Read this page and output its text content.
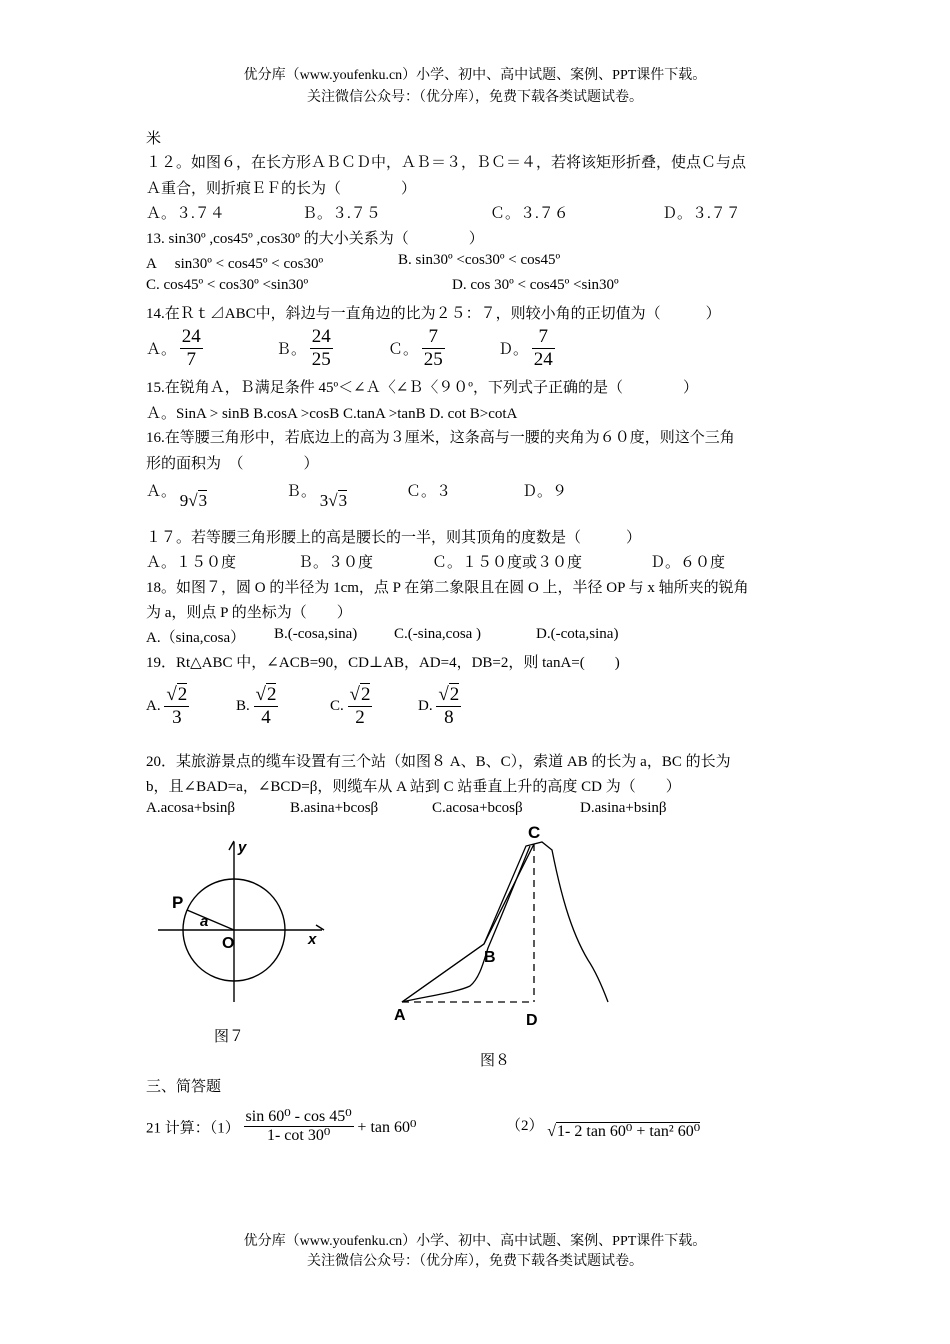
优分库（www.youfenku.cn）小学、初中、高中试题、案例、PPT课件下载。
关注微信公众号：（优分库），免费下载各类试题试卷。
米
１２。如图６，在长方形ＡＢＣＤ中，ＡＢ＝３，ＢＣ＝４，若将该矩形折叠，使点Ｃ与点
Ａ重合，则折痕ＥＦ的长为（　　　　）
Ａ。３.７４	Ｂ。３.７５	Ｃ。３.７６	Ｄ。３.７７
13. sin30º ,cos45º ,cos30º 的大小关系为（　　　　）
A　 sin30º < cos45º < cos30º	B. sin30º <cos30º < cos45º
C. cos45º < cos30º <sin30º	D. cos 30º < cos45º <sin30º
14.在Ｒｔ⊿ABC中，斜边与一直角边的比为２５：７，则较小角的正切值为（　　　）
Ａ。 $\frac{24}{7}$	Ｂ。 $\frac{24}{25}$	Ｃ。 $\frac{7}{25}$	Ｄ。 $\frac{7}{24}$
15.在锐角Ａ，Ｂ满足条件 45º＜∠Ａ〈∠Ｂ〈９０º，下列式子正确的是（　　　　）
Ａ。SinA > sinB B.cosA >cosB C.tanA >tanB D. cot B>cotA
16.在等腰三角形中，若底边上的高为３厘米，这条高与一腰的夹角为６０度，则这个三角
形的面积为　（　　　　）
Ａ。 9√3	Ｂ。 3√3	Ｃ。３	Ｄ。９
１７。若等腰三角形腰上的高是腰长的一半，则其顶角的度数是（　　　）
Ａ。１５０度	Ｂ。３０度	Ｃ。１５０度或３０度	Ｄ。６０度
18。如图７，圆 O 的半径为 1cm，点 P 在第二象限且在圆 O 上，半径 OP 与 x 轴所夹的锐角
为 a，则点 P 的坐标为（　　）
A.（sina,cosa） B.(-cosa,sina) C.(-sina,cosa )	D.(-cota,sina)
19．Rt△ABC 中，∠ACB=90，CD⊥AB，AD=4，DB=2，则 tanA=(　　)
A. $\frac{√2}{3}$	B. $\frac{√2}{4}$	C. $\frac{√2}{2}$	D. $\frac{√2}{8}$
20．某旅游景点的缆车设置有三个站（如图８ A、B、C），索道 AB 的长为 a，BC 的长为
b，且∠BAD=a，∠BCD=β，则缆车从 A 站到 C 站垂直上升的高度 CD 为（　　）
A.acosa+bsinβ	B.asina+bcosβ	C.acosa+bcosβ	D.asina+bsinβ
y
x
P
a
O
图７
A
B
C
D
图８
三、简答题
21 计算：$(1) \frac{\text{sin 60⁰ - cos 45⁰}}{\text{1- cot 30⁰}} + \tan 60^0$	（2） √1- 2 tan 60⁰ + tan² 60⁰
优分库（www.youfenku.cn）小学、初中、高中试题、案例、PPT课件下载。
关注微信公众号：（优分库），免费下载各类试题试卷。
